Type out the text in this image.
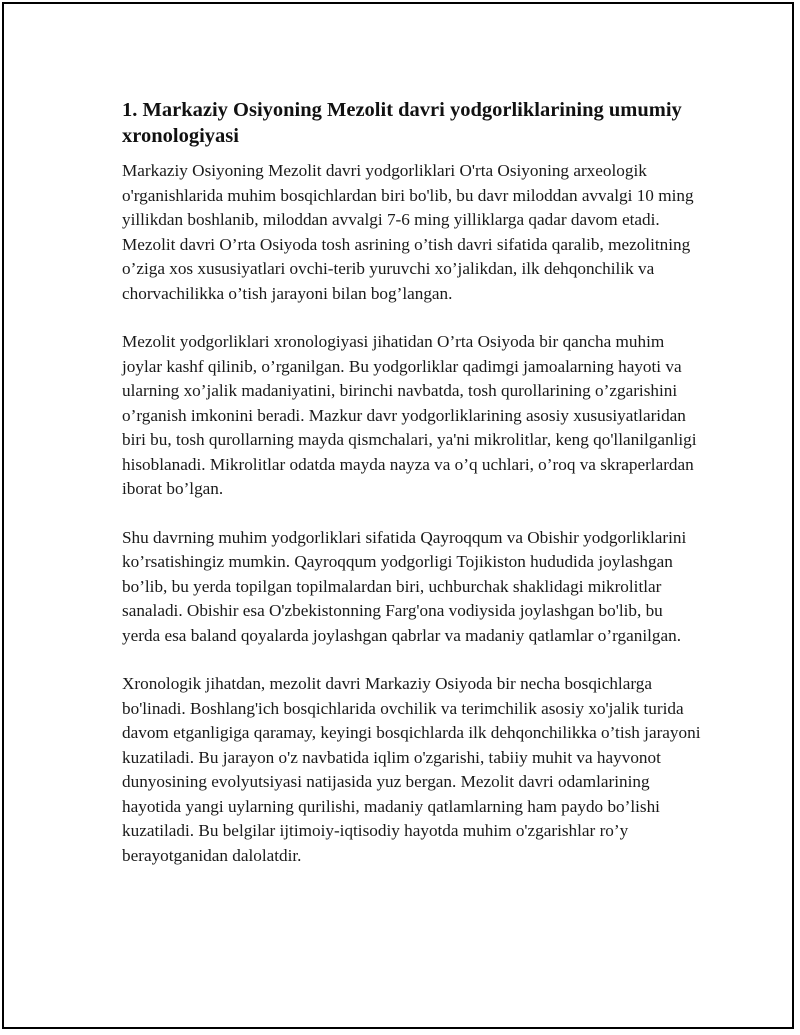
1. Markaziy Osiyoning Mezolit davri yodgorliklarining umumiy xronologiyasi

Markaziy Osiyoning Mezolit davri yodgorliklari O'rta Osiyoning arxeologik o'rganishlarida muhim bosqichlardan biri bo'lib, bu davr miloddan avvalgi 10 ming yillikdan boshlanib, miloddan avvalgi 7-6 ming yilliklarga qadar davom etadi. Mezolit davri O’rta Osiyoda tosh asrining o’tish davri sifatida qaralib, mezolitning o’ziga xos xususiyatlari ovchi-terib yuruvchi xo’jalikdan, ilk dehqonchilik va chorvachilikka o’tish jarayoni bilan bog’langan.

Mezolit yodgorliklari xronologiyasi jihatidan O’rta Osiyoda bir qancha muhim joylar kashf qilinib, o’rganilgan. Bu yodgorliklar qadimgi jamoalarning hayoti va ularning xo’jalik madaniyatini, birinchi navbatda, tosh qurollarining o’zgarishini o’rganish imkonini beradi. Mazkur davr yodgorliklarining asosiy xususiyatlaridan biri bu, tosh qurollarning mayda qismchalari, ya'ni mikrolitlar, keng qo'llanilganligi hisoblanadi. Mikrolitlar odatda mayda nayza va o’q uchlari, o’roq va skraperlardan iborat bo’lgan.

Shu davrning muhim yodgorliklari sifatida Qayroqqum va Obishir yodgorliklarini ko’rsatishingiz mumkin. Qayroqqum yodgorligi Tojikiston hududida joylashgan bo’lib, bu yerda topilgan topilmalardan biri, uchburchak shaklidagi mikrolitlar sanaladi. Obishir esa O'zbekistonning Farg'ona vodiysida joylashgan bo'lib, bu yerda esa baland qoyalarda joylashgan qabrlar va madaniy qatlamlar o’rganilgan.

Xronologik jihatdan, mezolit davri Markaziy Osiyoda bir necha bosqichlarga bo'linadi. Boshlang'ich bosqichlarida ovchilik va terimchilik asosiy xo'jalik turida davom etganligiga qaramay, keyingi bosqichlarda ilk dehqonchilikka o’tish jarayoni kuzatiladi. Bu jarayon o'z navbatida iqlim o'zgarishi, tabiiy muhit va hayvonot dunyosining evolyutsiyasi natijasida yuz bergan. Mezolit davri odamlarining hayotida yangi uylarning qurilishi, madaniy qatlamlarning ham paydo bo’lishi kuzatiladi. Bu belgilar ijtimoiy-iqtisodiy hayotda muhim o'zgarishlar ro’y berayotganidan dalolatdir.
